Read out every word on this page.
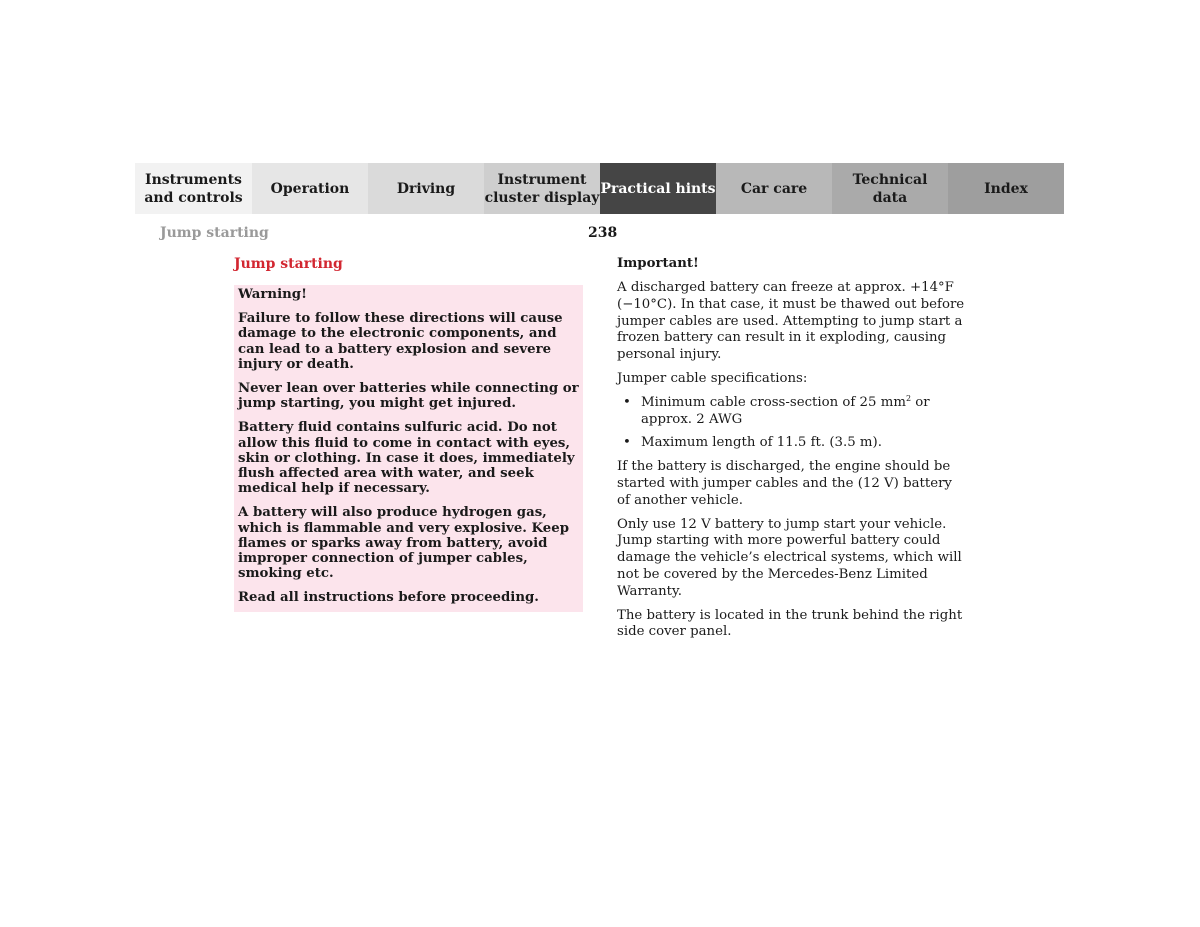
Instruments
and controls
Operation	Driving
Instrument
cluster display
Practical hints	Car care
Technical
data
Index
Jump starting	238
Jump starting

Warning!

Failure to follow these directions will cause damage to the electronic components, and can lead to a battery explosion and severe injury or death.

Never lean over batteries while connecting or jump starting, you might get injured.

Battery fluid contains sulfuric acid. Do not allow this fluid to come in contact with eyes, skin or clothing. In case it does, immediately flush affected area with water, and seek medical help if necessary.

A battery will also produce hydrogen gas, which is flammable and very explosive. Keep flames or sparks away from battery, avoid improper connection of jumper cables, smoking etc.

Read all instructions before proceeding.

Important!

A discharged battery can freeze at approx. +14°F (−10°C). In that case, it must be thawed out before jumper cables are used. Attempting to jump start a frozen battery can result in it exploding, causing personal injury.

Jumper cable specifications:

• Minimum cable cross-section of 25 $mm^2$ or approx. 2 AWG
• Maximum length of 11.5 ft. (3.5 m).

If the battery is discharged, the engine should be started with jumper cables and the (12 V) battery of another vehicle.

Only use 12 V battery to jump start your vehicle. Jump starting with more powerful battery could damage the vehicle’s electrical systems, which will not be covered by the Mercedes-Benz Limited Warranty.

The battery is located in the trunk behind the right side cover panel.
